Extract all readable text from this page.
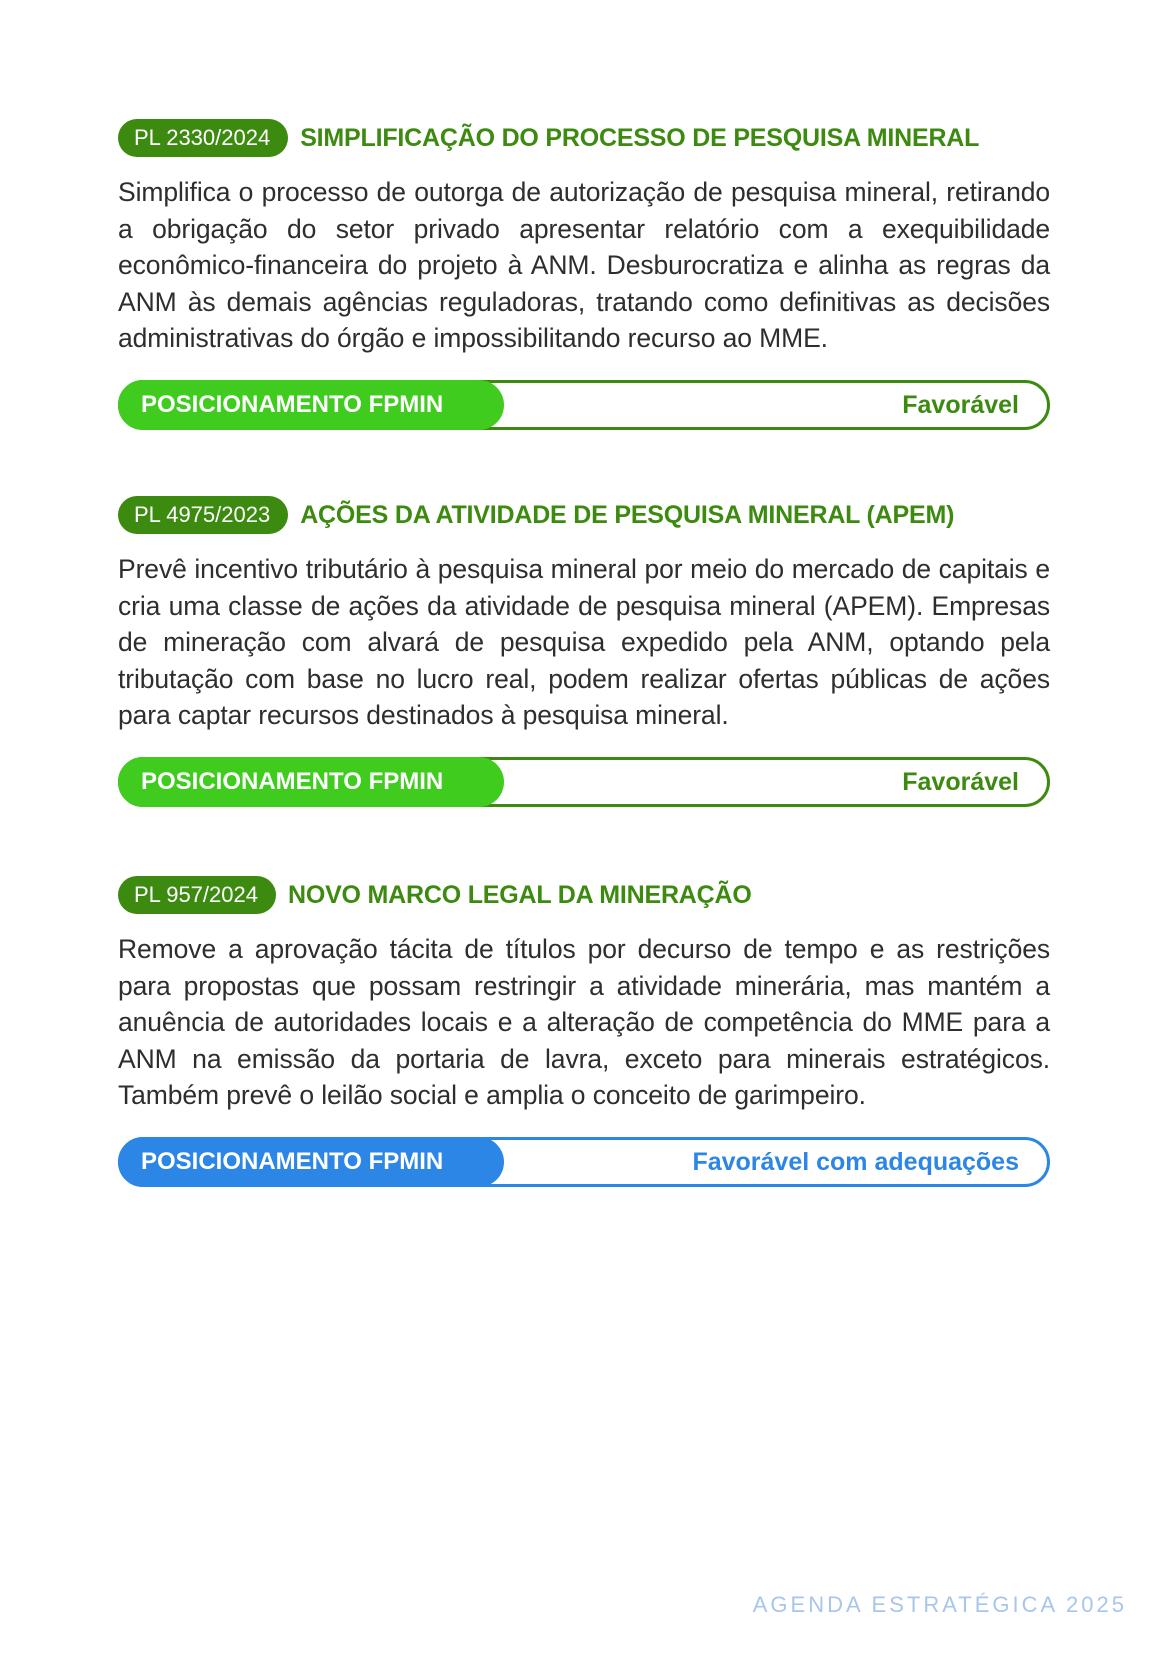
PL 2330/2024	SIMPLIFICAÇÃO DO PROCESSO DE PESQUISA MINERAL
Simplifica o processo de outorga de autorização de pesquisa mineral, retirando a obrigação do setor privado apresentar relatório com a exequibilidade econômico-financeira do projeto à ANM. Desburocratiza e alinha as regras da ANM às demais agências reguladoras, tratando como definitivas as decisões administrativas do órgão e impossibilitando recurso ao MME.
POSICIONAMENTO FPMIN	Favorável
PL 4975/2023	AÇÕES DA ATIVIDADE DE PESQUISA MINERAL (APEM)
Prevê incentivo tributário à pesquisa mineral por meio do mercado de capitais e cria uma classe de ações da atividade de pesquisa mineral (APEM). Empresas de mineração com alvará de pesquisa expedido pela ANM, optando pela tributação com base no lucro real, podem realizar ofertas públicas de ações para captar recursos destinados à pesquisa mineral.
POSICIONAMENTO FPMIN	Favorável
PL 957/2024	NOVO MARCO LEGAL DA MINERAÇÃO
Remove a aprovação tácita de títulos por decurso de tempo e as restrições para propostas que possam restringir a atividade minerária, mas mantém a anuência de autoridades locais e a alteração de competência do MME para a ANM na emissão da portaria de lavra, exceto para minerais estratégicos. Também prevê o leilão social e amplia o conceito de garimpeiro.
POSICIONAMENTO FPMIN	Favorável com adequações
AGENDA ESTRATÉGICA 2025
